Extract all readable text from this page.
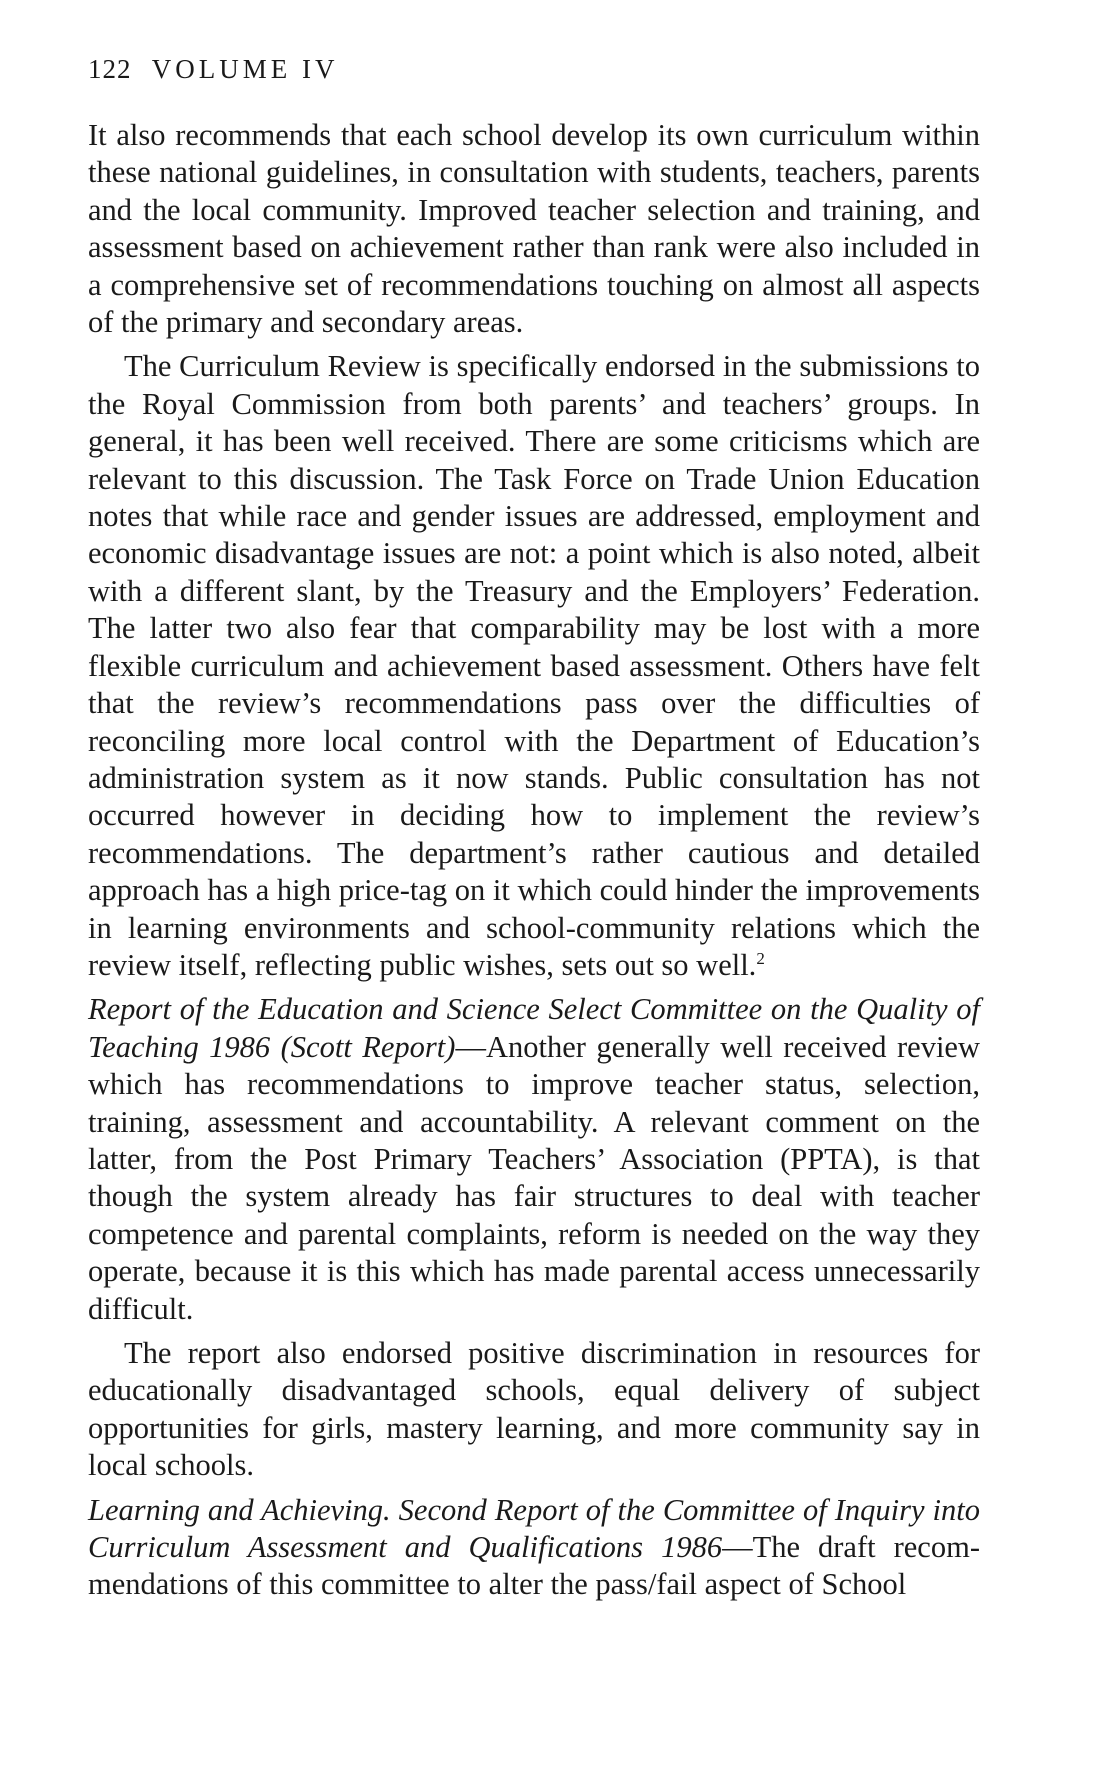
122 VOLUME IV

It also recommends that each school develop its own curriculum within these national guidelines, in consultation with students, teachers, parents and the local community. Improved teacher selection and training, and assessment based on achievement rather than rank were also included in a comprehensive set of recommendations touching on almost all aspects of the primary and secondary areas.

The Curriculum Review is specifically endorsed in the submissions to the Royal Commission from both parents’ and teachers’ groups. In general, it has been well received. There are some criticisms which are relevant to this discussion. The Task Force on Trade Union Education notes that while race and gender issues are addressed, employment and economic disadvantage issues are not: a point which is also noted, albeit with a different slant, by the Treasury and the Employers’ Federation. The latter two also fear that comparability may be lost with a more flexible curriculum and achievement based assessment. Others have felt that the review’s recommendations pass over the difficulties of reconciling more local control with the Department of Education’s administration system as it now stands. Public consultation has not occurred however in deciding how to implement the review’s recommendations. The department’s rather cautious and detailed approach has a high price-tag on it which could hinder the improvements in learning environments and school-community relations which the review itself, reflecting public wishes, sets out so well.$^2$

Report of the Education and Science Select Committee on the Quality of Teaching 1986 (Scott Report)—Another generally well received review which has recommendations to improve teacher status, selection, training, assessment and accountability. A relevant comment on the latter, from the Post Primary Teachers’ Association (PPTA), is that though the system already has fair structures to deal with teacher competence and parental complaints, reform is needed on the way they operate, because it is this which has made parental access unnecessarily difficult.

The report also endorsed positive discrimination in resources for educationally disadvantaged schools, equal delivery of subject opportunities for girls, mastery learning, and more community say in local schools.

Learning and Achieving. Second Report of the Committee of Inquiry into Curriculum Assessment and Qualifications 1986—The draft recommendations of this committee to alter the pass/fail aspect of School
